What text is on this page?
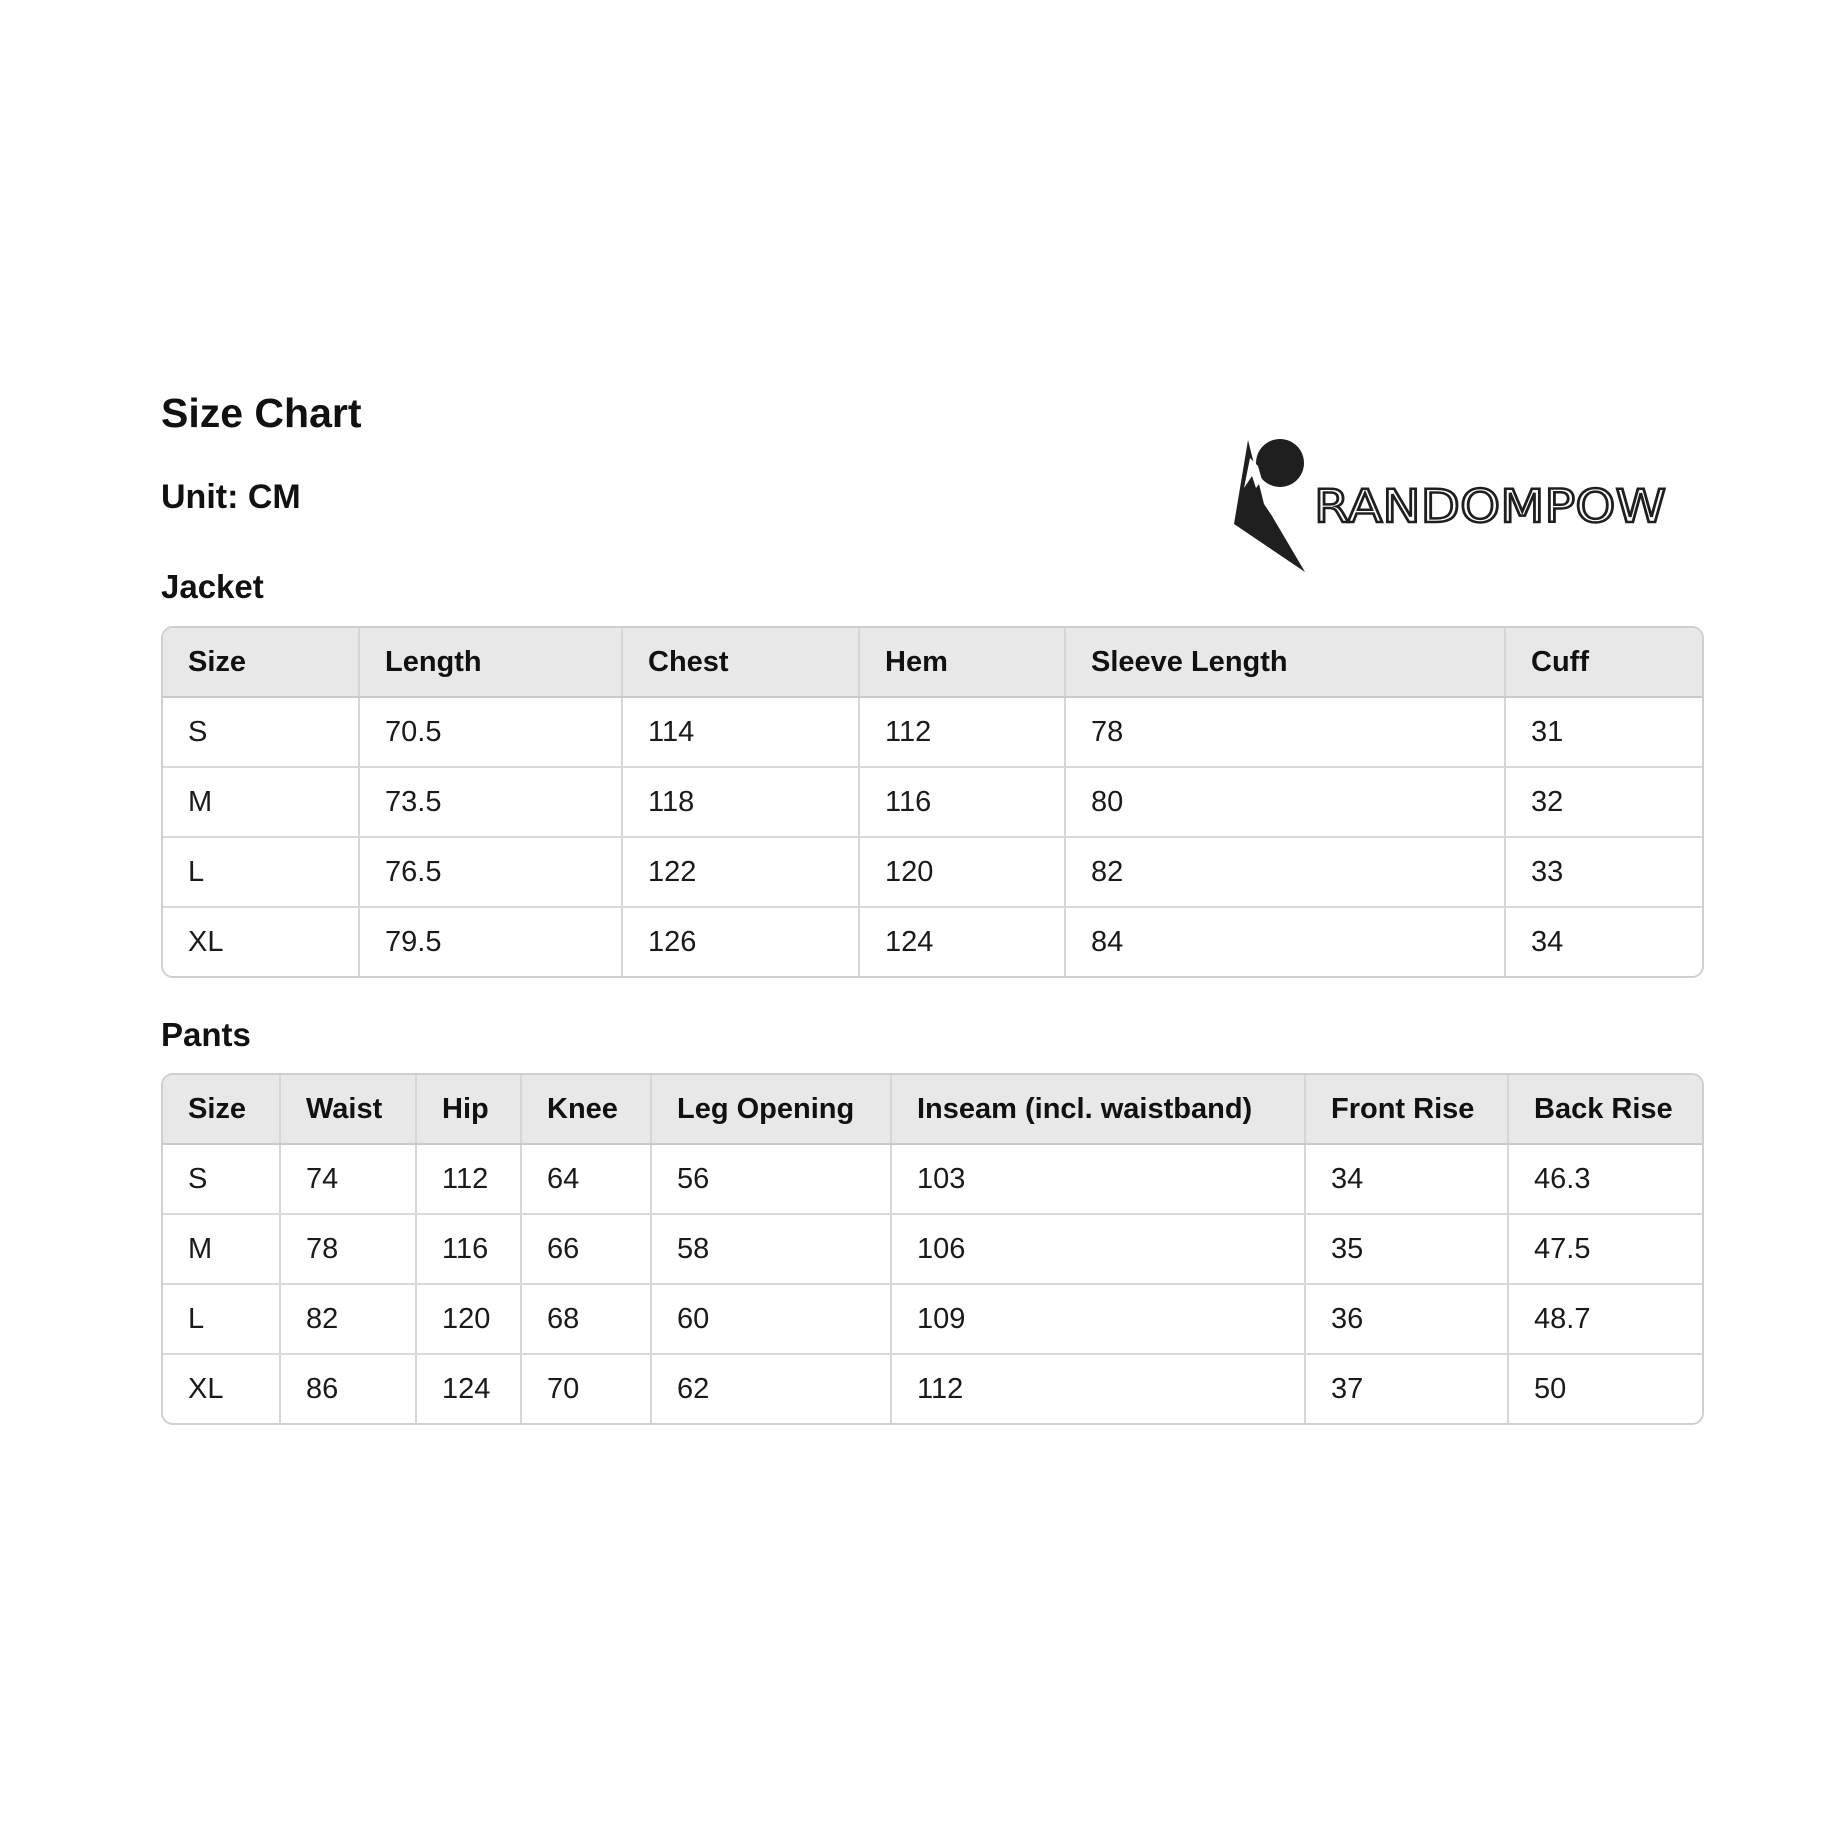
Size Chart
Unit: CM	RANDOMPOW
Jacket
Size	Length	Chest	Hem	Sleeve Length	Cuff
S	70.5	114	112	78	31
M	73.5	118	116	80	32
L	76.5	122	120	82	33
XL	79.5	126	124	84	34
Pants
Size	Waist	Hip	Knee	Leg Opening	Inseam (incl. waistband)	Front Rise	Back Rise
S	74	112	64	56	103	34	46.3
M	78	116	66	58	106	35	47.5
L	82	120	68	60	109	36	48.7
XL	86	124	70	62	112	37	50
